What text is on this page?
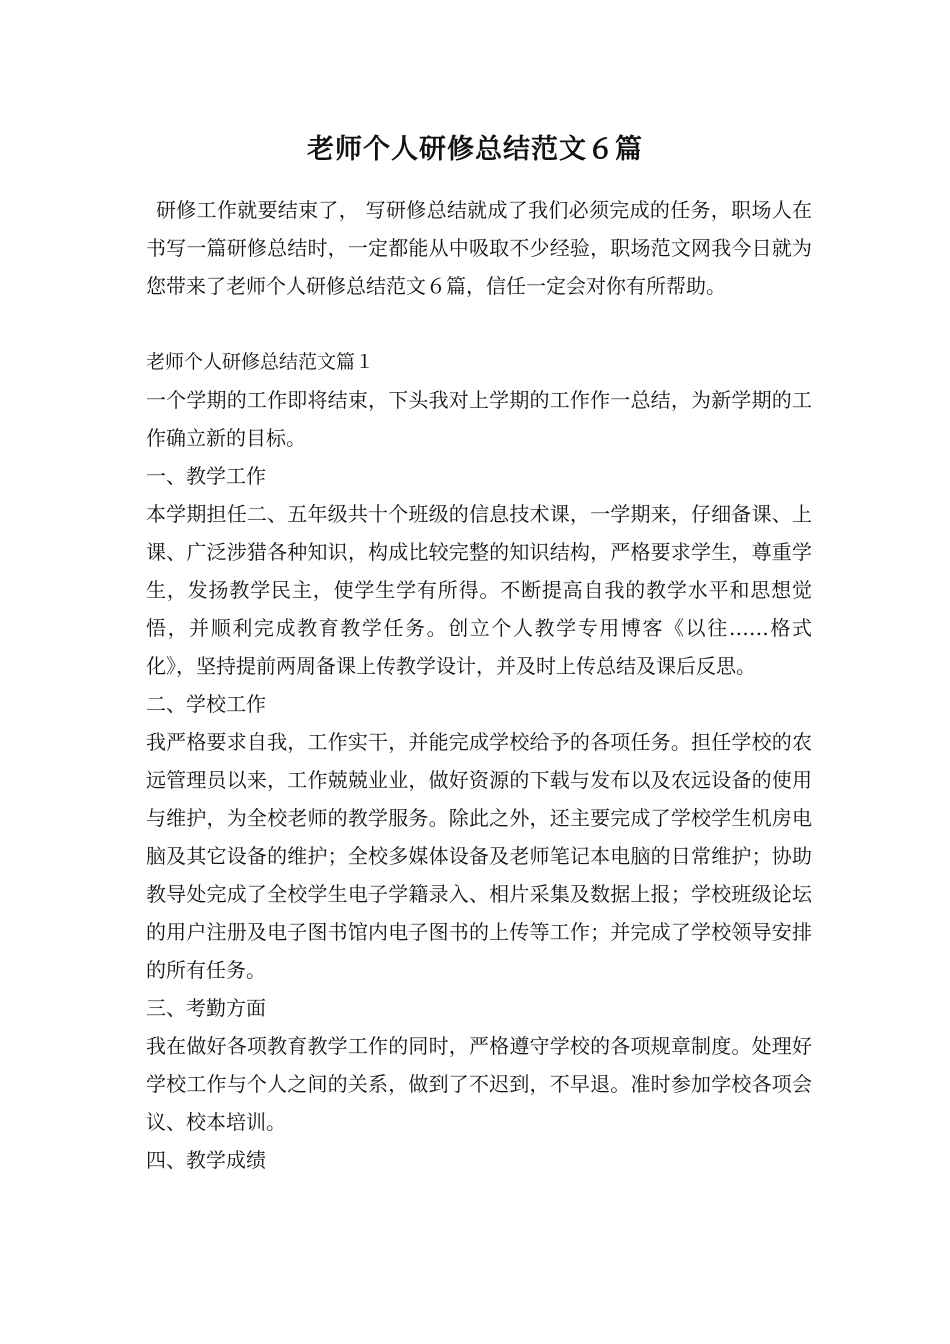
老师个人研修总结范文６篇

研修工作就要结束了， 写研修总结就成了我们必须完成的任务，职场人在书写一篇研修总结时，一定都能从中吸取不少经验，职场范文网我今日就为您带来了老师个人研修总结范文６篇，信任一定会对你有所帮助。

老师个人研修总结范文篇１

一个学期的工作即将结束，下头我对上学期的工作作一总结，为新学期的工作确立新的目标。

一、教学工作

本学期担任二、五年级共十个班级的信息技术课，一学期来，仔细备课、上课、广泛涉猎各种知识，构成比较完整的知识结构，严格要求学生，尊重学生，发扬教学民主，使学生学有所得。不断提高自我的教学水平和思想觉悟，并顺利完成教育教学任务。创立个人教学专用博客《以往……格式化》，坚持提前两周备课上传教学设计，并及时上传总结及课后反思。

二、学校工作

我严格要求自我，工作实干，并能完成学校给予的各项任务。担任学校的农远管理员以来，工作兢兢业业，做好资源的下载与发布以及农远设备的使用与维护，为全校老师的教学服务。除此之外，还主要完成了学校学生机房电脑及其它设备的维护；全校多媒体设备及老师笔记本电脑的日常维护；协助教导处完成了全校学生电子学籍录入、相片采集及数据上报；学校班级论坛的用户注册及电子图书馆内电子图书的上传等工作；并完成了学校领导安排的所有任务。

三、考勤方面

我在做好各项教育教学工作的同时，严格遵守学校的各项规章制度。处理好学校工作与个人之间的关系，做到了不迟到，不早退。准时参加学校各项会议、校本培训。

四、教学成绩
